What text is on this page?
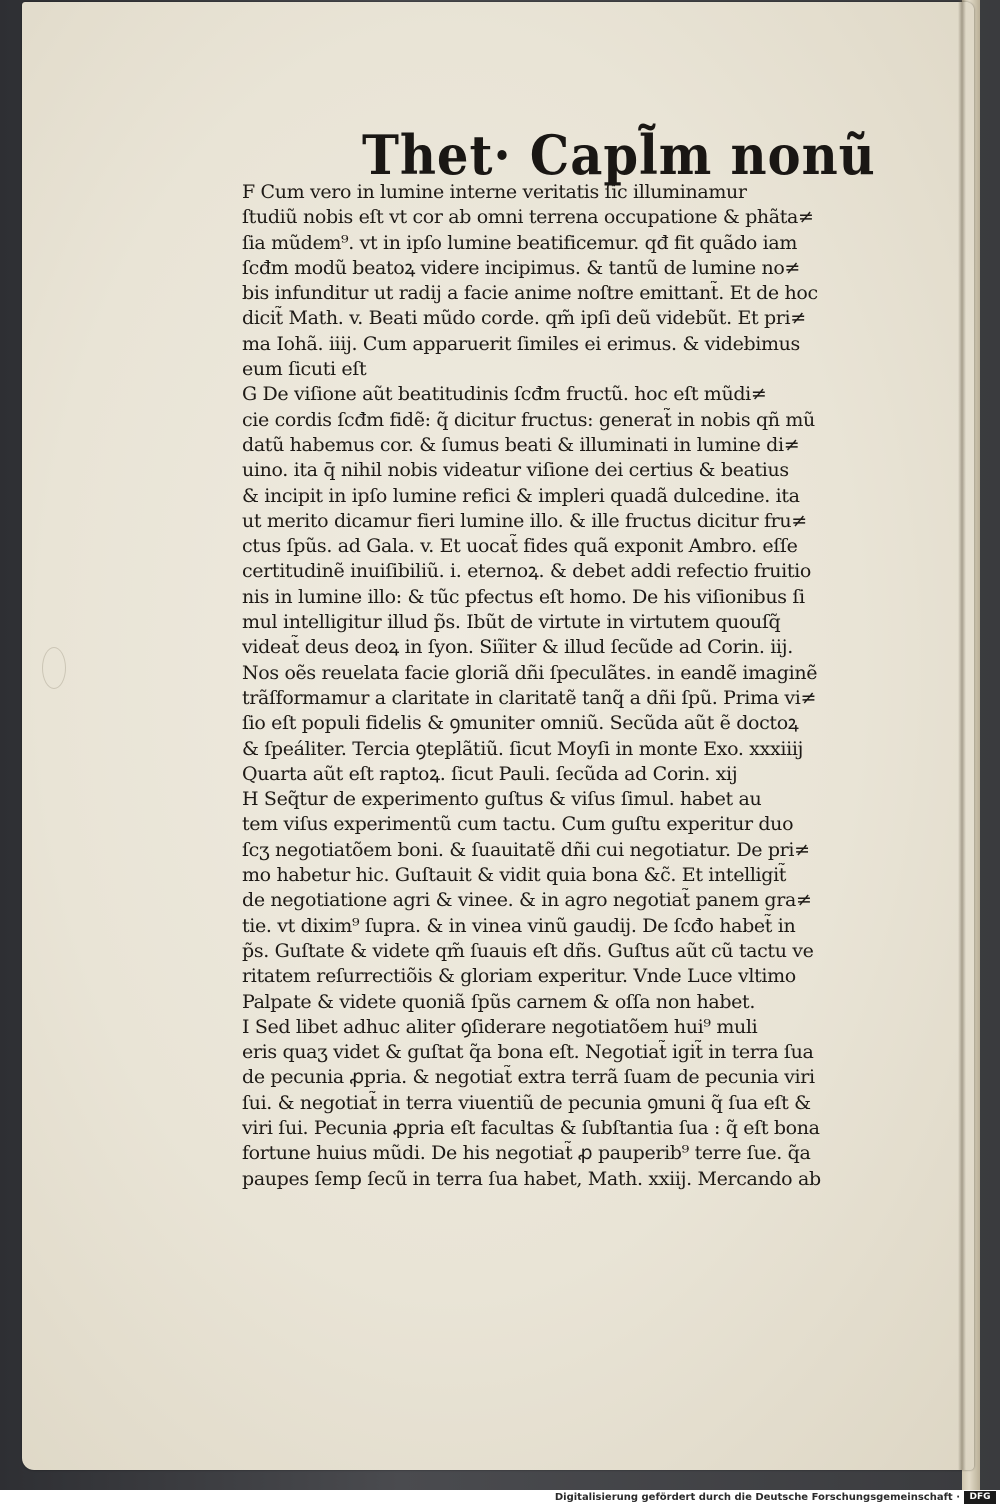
Thet· Capl̃m nonũ
F Cum vero in lumine interne veritatis ſic illuminamur
ſtudiũ nobis eſt vt cor ab omni terrena occupatione & phãta≠
ſia mũdem⁹. vt in ipſo lumine beatificemur. qđ fit quãdo iam
ſcđm modũ beatoꝝ videre incipimus. & tantũ de lumine no≠
bis infunditur ut radij a facie anime noſtre emittant̃. Et de hoc
dicit̃ Math. v. Beati mũdo corde. qm̃ ipſi deũ videbũt. Et pri≠
ma Iohã. iiij. Cum apparuerit ſimiles ei erimus. & videbimus
eum ſicuti eſt
G De viſione aũt beatitudinis ſcđm fructũ. hoc eſt mũdi≠
cie cordis ſcđm fidẽ: q̃ dicitur fructus: generat̃ in nobis qñ mũ
datũ habemus cor. & ſumus beati & illuminati in lumine di≠
uino. ita q̄ nihil nobis videatur viſione dei certius & beatius
& incipit in ipſo lumine refici & impleri quadã dulcedine. ita
ut merito dicamur fieri lumine illo. & ille fructus dicitur fru≠
ctus ſpũs. ad Gala. v. Et uocat̃ fides quã exponit Ambro. eſſe
certitudinẽ inuiſibiliũ. i. eternoꝝ. & debet addi refectio fruitio
nis in lumine illo: & tũc pfectus eſt homo. De his viſionibus ſi
mul intelligitur illud p̃s. Ibũt de virtute in virtutem quouſq̃
videat̃ deus deoꝝ in ſyon. Siĩiter & illud ſecũde ad Corin. iij.
Nos oẽs reuelata facie gloriã dñi ſpeculãtes. in eandẽ imaginẽ
trãſformamur a claritate in claritatẽ tanq̃ a dñi ſpũ. Prima vi≠
ſio eſt populi fidelis & ꝯmuniter omniũ. Secũda aũt ẽ doctoꝝ
& ſpeáliter. Tercia ꝯteplãtiũ. ſicut Moyſi in monte Exo. xxxiiij
Quarta aũt eſt raptoꝝ. ſicut Pauli. ſecũda ad Corin. xij
H Seq̃tur de experimento guſtus & viſus ſimul. habet au
tem viſus experimentũ cum tactu. Cum guſtu experitur duo
ſcʒ negotiatõem boni. & ſuauitatẽ dñi cui negotiatur. De pri≠
mo habetur hic. Guſtauit & vidit quia bona &c̃. Et intelligit̃
de negotiatione agri & vinee. & in agro negotiat̃ panem gra≠
tie. vt dixim⁹ ſupra. & in vinea vinũ gaudij. De ſcđo habet̃ in
p̃s. Guſtate & videte qm̃ ſuauis eſt dñs. Guſtus aũt cũ tactu ve
ritatem reſurrectiõis & gloriam experitur. Vnde Luce vltimo
Palpate & videte quoniã ſpũs carnem & oſſa non habet.
I Sed libet adhuc aliter ꝯſiderare negotiatõem hui⁹ muli
eris quaʒ videt & guſtat q̃a bona eſt. Negotiat̃ igit̃ in terra ſua
de pecunia ꝓpria. & negotiat̃ extra terrã ſuam de pecunia viri
ſui. & negotiat̃ in terra viuentiũ de pecunia ꝯmuni q̃ ſua eſt &
viri ſui. Pecunia ꝓpria eſt facultas & ſubſtantia ſua : q̃ eſt bona
fortune huius mũdi. De his negotiat̃ ꝓ pauperib⁹ terre ſue. q̃a
paupes ſemp ſecũ in terra ſua habet, Math. xxiij. Mercando ab
Digitalisierung gefördert durch die Deutsche Forschungsgemeinschaft ·	DFG
